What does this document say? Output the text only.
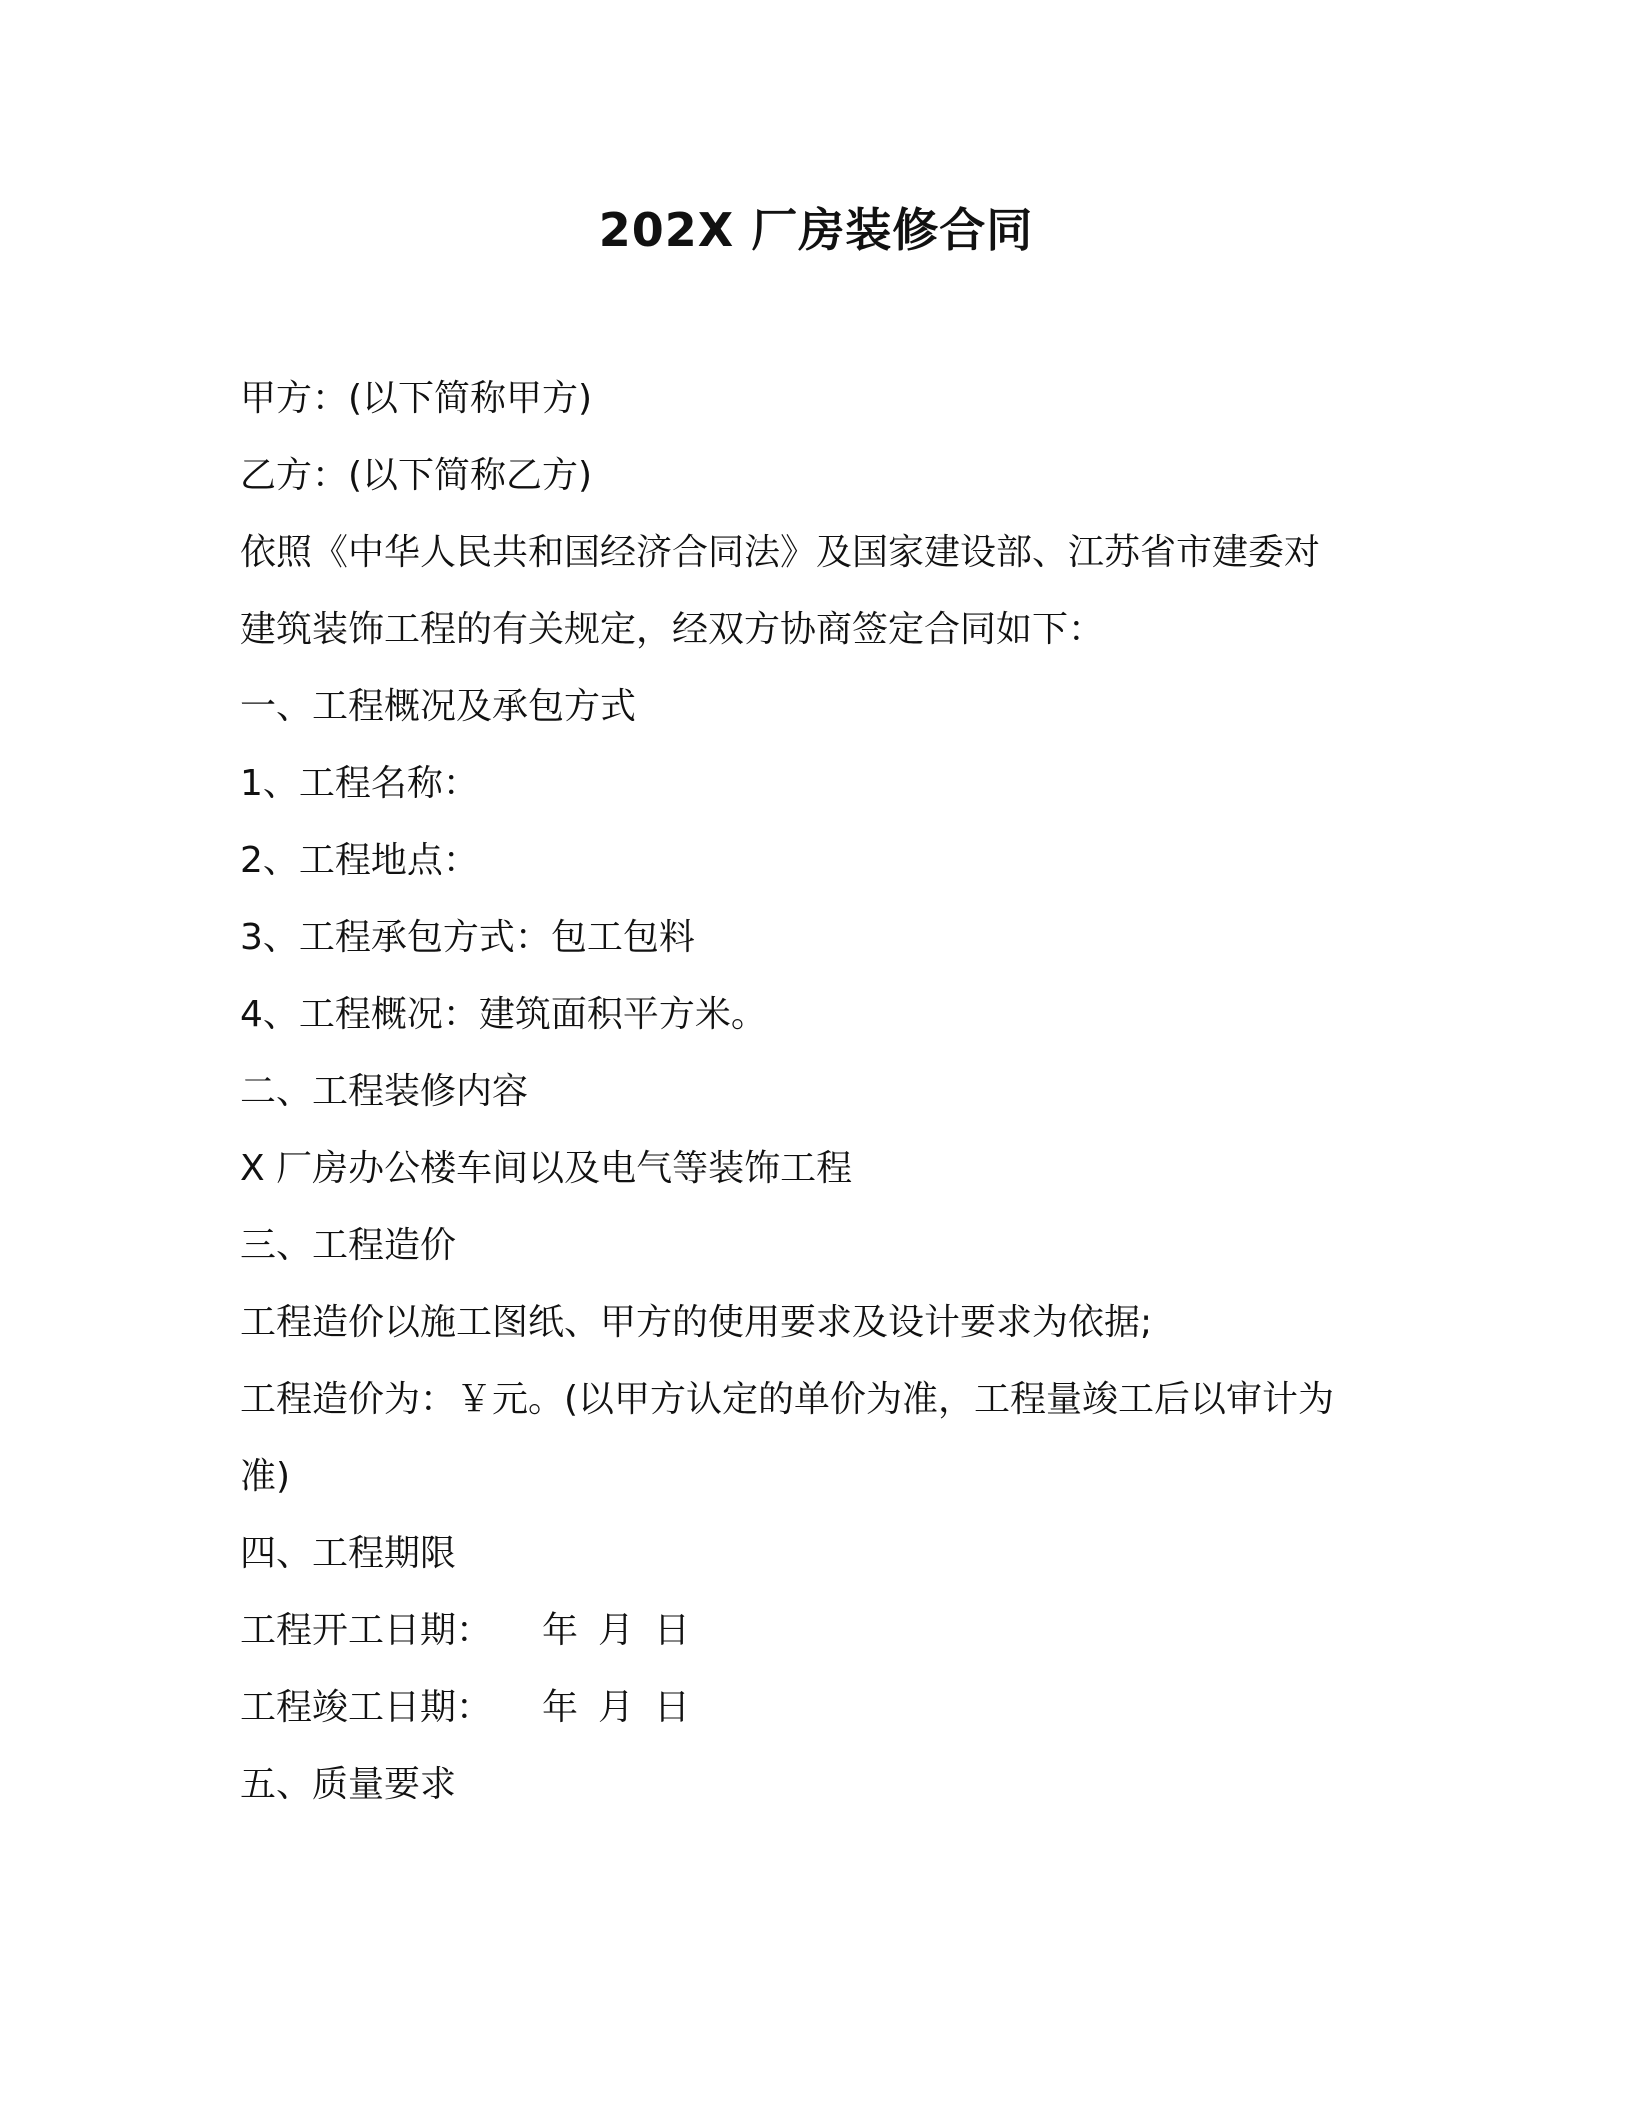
202X 厂房装修合同

甲方：(以下简称甲方)

乙方：(以下简称乙方)

依照《中华人民共和国经济合同法》及国家建设部、江苏省市建委对

建筑装饰工程的有关规定，经双方协商签定合同如下：

一、工程概况及承包方式

1、工程名称：

2、工程地点：

3、工程承包方式：包工包料

4、工程概况：建筑面积平方米。

二、工程装修内容

X 厂房办公楼车间以及电气等装饰工程

三、工程造价

工程造价以施工图纸、甲方的使用要求及设计要求为依据;

工程造价为：￥元。(以甲方认定的单价为准，工程量竣工后以审计为

准)

四、工程期限

工程开工日期： 年 月 日

工程竣工日期： 年 月 日

五、质量要求
